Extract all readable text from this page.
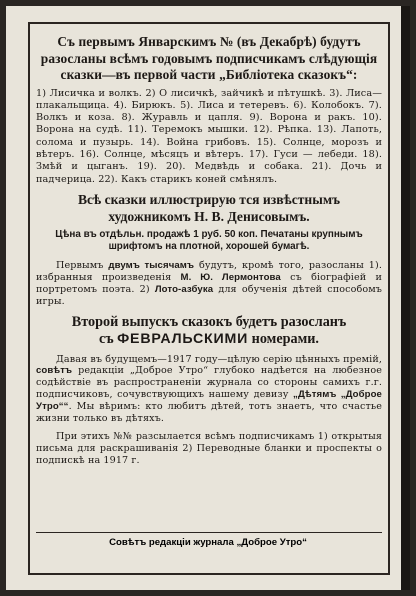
Съ первымъ Январскимъ № (въ Декабрѣ) будутъ
разосланы всѣмъ годовымъ подписчикамъ слѣдующія
сказки—въ первой части „Библіотека сказокъ“:
1) Лисичка и волкъ. 2) О лисичкѣ, зайчикѣ и пѣтушкѣ. 3). Лиса—плакальщица. 4). Бирюкъ. 5). Лиса и тетеревъ. 6). Колобокъ. 7). Волкъ и коза. 8). Журавль и цапля. 9). Ворона и ракъ. 10). Ворона на судѣ. 11). Теремокъ мышки. 12). Рѣпка. 13). Лапоть, солома и пузырь. 14). Война грибовъ. 15). Солнце, морозъ и вѣтеръ. 16). Солнце, мѣсяцъ и вѣтеръ. 17). Гуси — лебеди. 18). Змѣй и цыганъ. 19). 20). Медвѣдь и собака. 21). Дочь и падчерица. 22). Какъ старикъ коней смѣнялъ.
Всѣ сказки иллюстрирую тся извѣстнымъ художникомъ Н. В. Денисовымъ.
Цѣна въ отдѣльн. продажѣ 1 руб. 50 коп. Печатаны крупнымъ шрифтомъ на плотной, хорошей бумагѣ.
Первымъ двумъ тысячамъ будутъ, кромѣ того, разосланы 1). избранныя произведенія М. Ю. Лермонтова съ біографіей и портретомъ поэта. 2) Лото-азбука для обученія дѣтей способомъ игры.
Второй выпускъ сказокъ будетъ разосланъ
съ ФЕВРАЛЬСКИМИ номерами.
Давая въ будущемъ—1917 году—цѣлую серію цѣнныхъ премій, совѣтъ редакціи „Доброе Утро“ глубоко надѣется на любезное содѣйствіе въ распространеніи журнала со стороны самихъ г.г. подписчиковъ, сочувствующихъ нашему девизу „Дѣтямъ „Доброе Утро““. Мы вѣримъ: кто любитъ дѣтей, тотъ знаетъ, что счастье жизни только въ дѣтяхъ.
При этихъ №№ разсылается всѣмъ подписчикамъ 1) открытыя письма для раскрашиванія 2) Переводные бланки и проспекты о подпискѣ на 1917 г.
Совѣтъ редакціи журнала „Доброе Утро“
